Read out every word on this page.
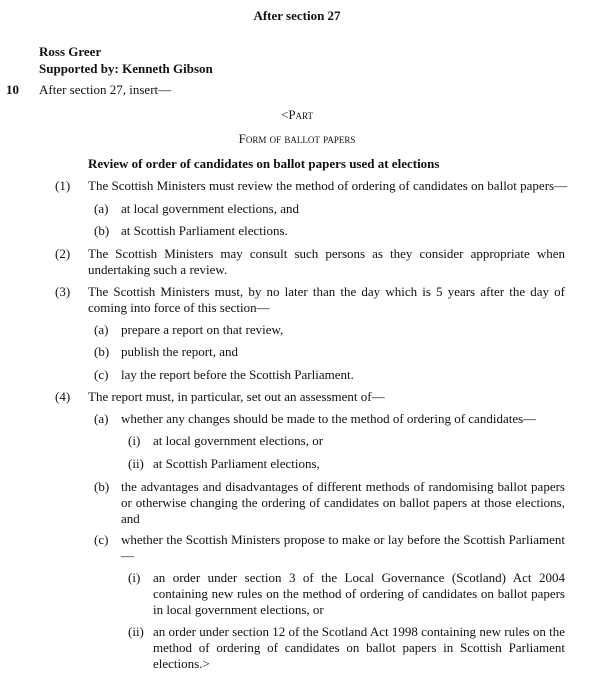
After section 27
Ross Greer
Supported by: Kenneth Gibson
10 After section 27, insert—
<Part
Form of ballot papers
Review of order of candidates on ballot papers used at elections
(1) The Scottish Ministers must review the method of ordering of candidates on ballot papers—
(a) at local government elections, and
(b) at Scottish Parliament elections.
(2) The Scottish Ministers may consult such persons as they consider appropriate when undertaking such a review.
(3) The Scottish Ministers must, by no later than the day which is 5 years after the day of coming into force of this section—
(a) prepare a report on that review,
(b) publish the report, and
(c) lay the report before the Scottish Parliament.
(4) The report must, in particular, set out an assessment of—
(a) whether any changes should be made to the method of ordering of candidates—
(i) at local government elections, or
(ii) at Scottish Parliament elections,
(b) the advantages and disadvantages of different methods of randomising ballot papers or otherwise changing the ordering of candidates on ballot papers at those elections, and
(c) whether the Scottish Ministers propose to make or lay before the Scottish Parliament—
(i) an order under section 3 of the Local Governance (Scotland) Act 2004 containing new rules on the method of ordering of candidates on ballot papers in local government elections, or
(ii) an order under section 12 of the Scotland Act 1998 containing new rules on the method of ordering of candidates on ballot papers in Scottish Parliament elections.>
